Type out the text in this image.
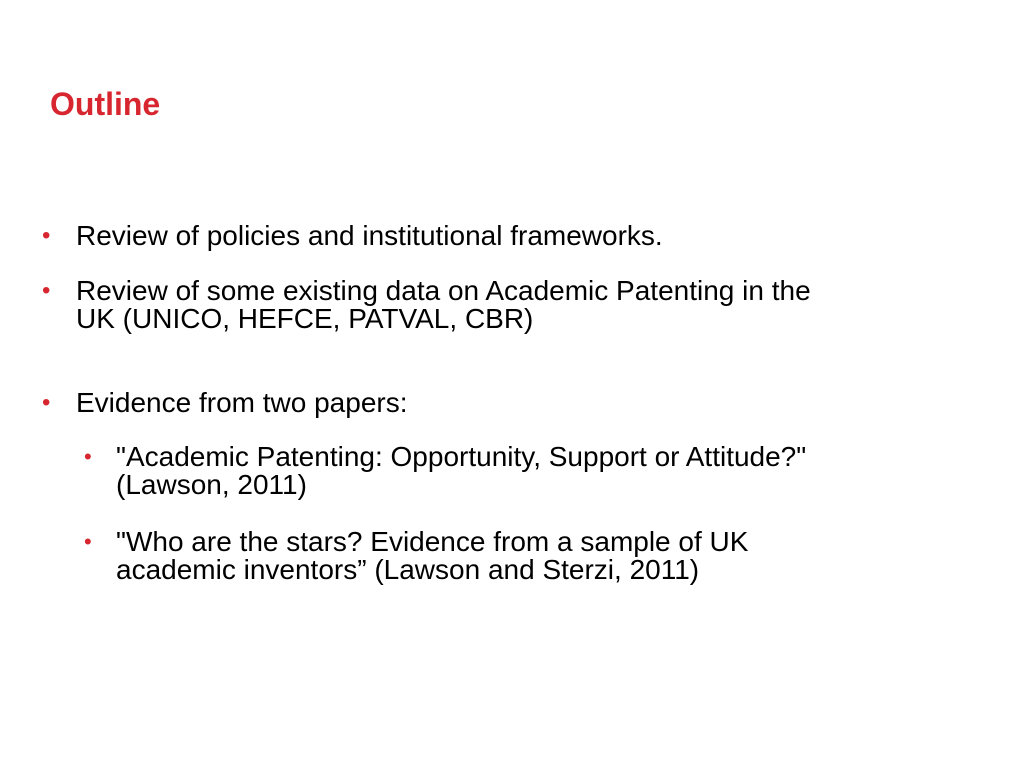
Outline
• Review of policies and institutional frameworks.
• Review of some existing data on Academic Patenting in the
UK (UNICO, HEFCE, PATVAL, CBR)
• Evidence from two papers:
• "Academic Patenting: Opportunity, Support or Attitude?"
(Lawson, 2011)
• "Who are the stars? Evidence from a sample of UK
academic inventors” (Lawson and Sterzi, 2011)
